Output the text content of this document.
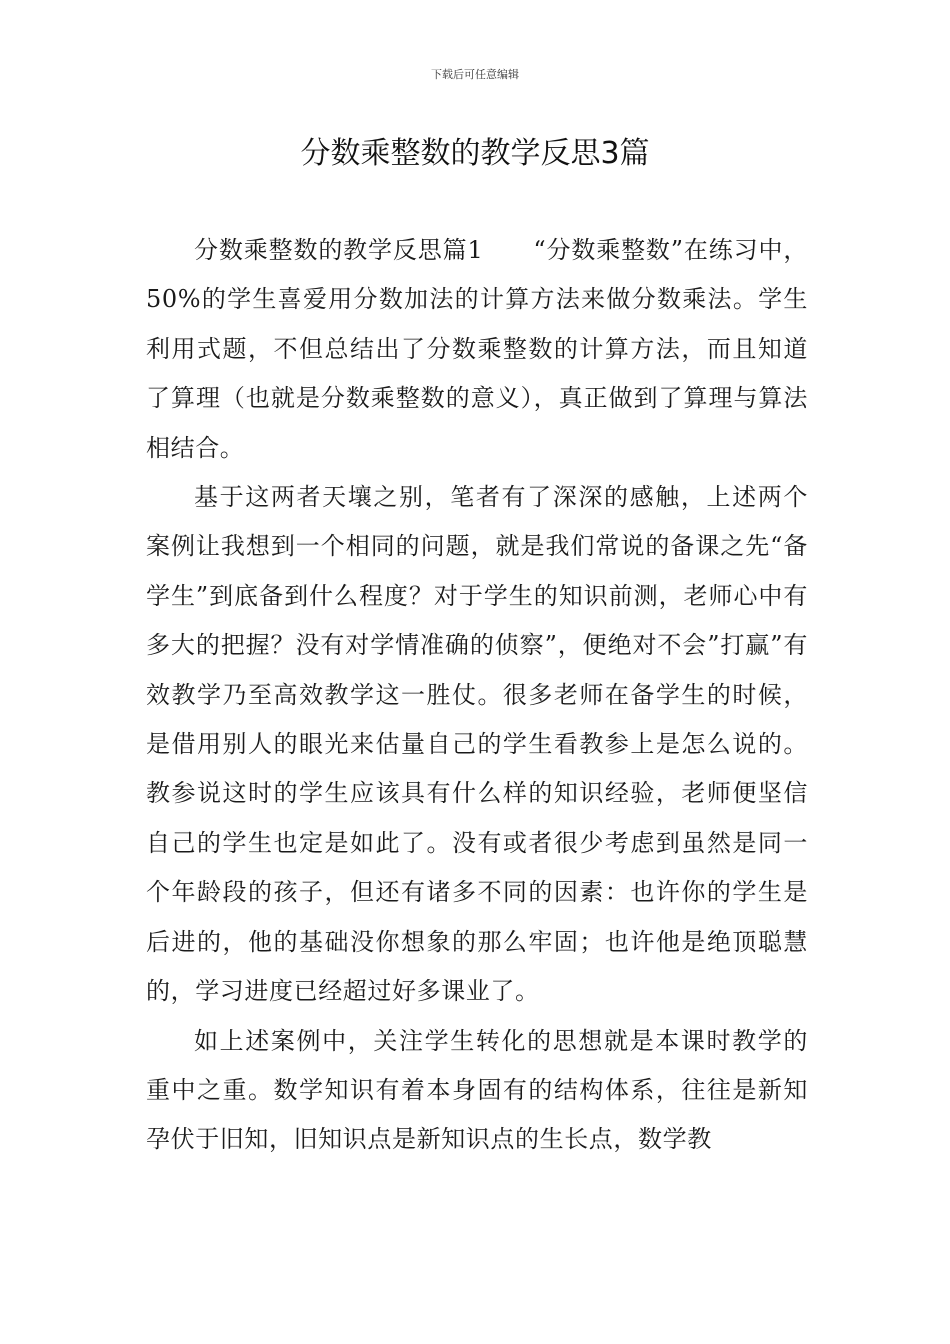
下载后可任意编辑
分数乘整数的教学反思3篇

分数乘整数的教学反思篇1　　“分数乘整数”在练习中，50%的学生喜爱用分数加法的计算方法来做分数乘法。学生利用式题，不但总结出了分数乘整数的计算方法，而且知道了算理（也就是分数乘整数的意义），真正做到了算理与算法相结合。

基于这两者天壤之别，笔者有了深深的感触，上述两个案例让我想到一个相同的问题，就是我们常说的备课之先“备学生”到底备到什么程度？对于学生的知识前测，老师心中有多大的把握？没有对学情准确的侦察”，便绝对不会”打赢”有效教学乃至高效教学这一胜仗。很多老师在备学生的时候，是借用别人的眼光来估量自己的学生看教参上是怎么说的。教参说这时的学生应该具有什么样的知识经验，老师便坚信自己的学生也定是如此了。没有或者很少考虑到虽然是同一个年龄段的孩子，但还有诸多不同的因素：也许你的学生是后进的，他的基础没你想象的那么牢固；也许他是绝顶聪慧的，学习进度已经超过好多课业了。

如上述案例中，关注学生转化的思想就是本课时教学的重中之重。数学知识有着本身固有的结构体系，往往是新知孕伏于旧知，旧知识点是新知识点的生长点，数学教
